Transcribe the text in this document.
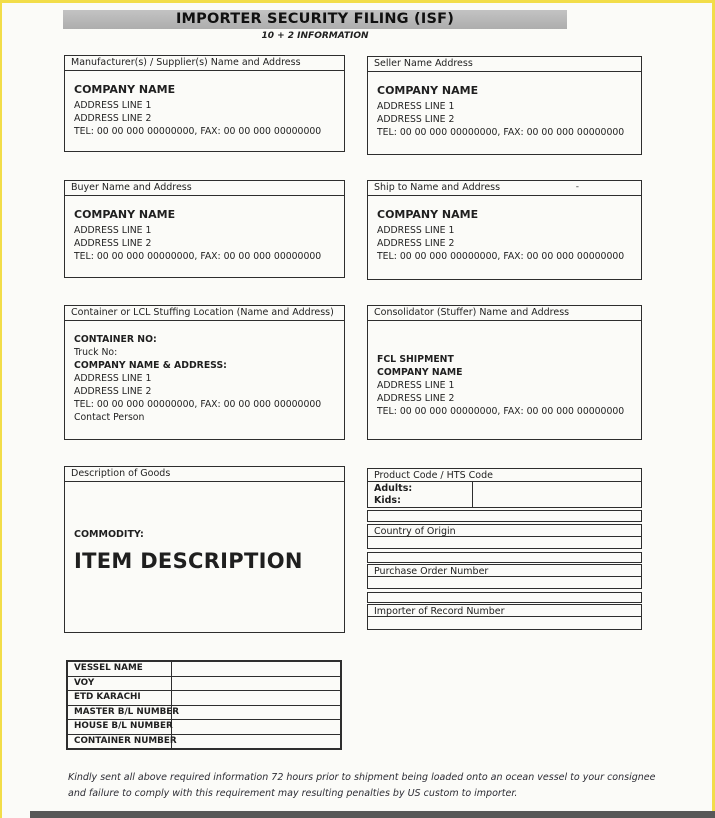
IMPORTER SECURITY FILING (ISF)
10 + 2 INFORMATION
Manufacturer(s) / Supplier(s) Name and Address
COMPANY NAME
ADDRESS LINE 1
ADDRESS LINE 2
TEL: 00 00 000 00000000, FAX: 00 00 000 00000000
Seller Name Address
COMPANY NAME
ADDRESS LINE 1
ADDRESS LINE 2
TEL: 00 00 000 00000000, FAX: 00 00 000 00000000
Buyer Name and Address
COMPANY NAME
ADDRESS LINE 1
ADDRESS LINE 2
TEL: 00 00 000 00000000, FAX: 00 00 000 00000000
Ship to Name and Address	-
COMPANY NAME
ADDRESS LINE 1
ADDRESS LINE 2
TEL: 00 00 000 00000000, FAX: 00 00 000 00000000
Container or LCL Stuffing Location (Name and Address)
CONTAINER NO:
Truck No:
COMPANY NAME & ADDRESS:
ADDRESS LINE 1
ADDRESS LINE 2
TEL: 00 00 000 00000000, FAX: 00 00 000 00000000
Contact Person
Consolidator (Stuffer) Name and Address
FCL SHIPMENT
COMPANY NAME
ADDRESS LINE 1
ADDRESS LINE 2
TEL: 00 00 000 00000000, FAX: 00 00 000 00000000
Description of Goods
COMMODITY:
ITEM DESCRIPTION
Product Code / HTS Code
Adults:
Kids:
Country of Origin
Purchase Order Number
Importer of Record Number
VESSEL NAME
VOY
ETD KARACHI
MASTER B/L NUMBER
HOUSE B/L NUMBER
CONTAINER NUMBER
Kindly sent all above required information 72 hours prior to shipment being loaded onto an ocean vessel to your consignee
and failure to comply with this requirement may resulting penalties by US custom to importer.
